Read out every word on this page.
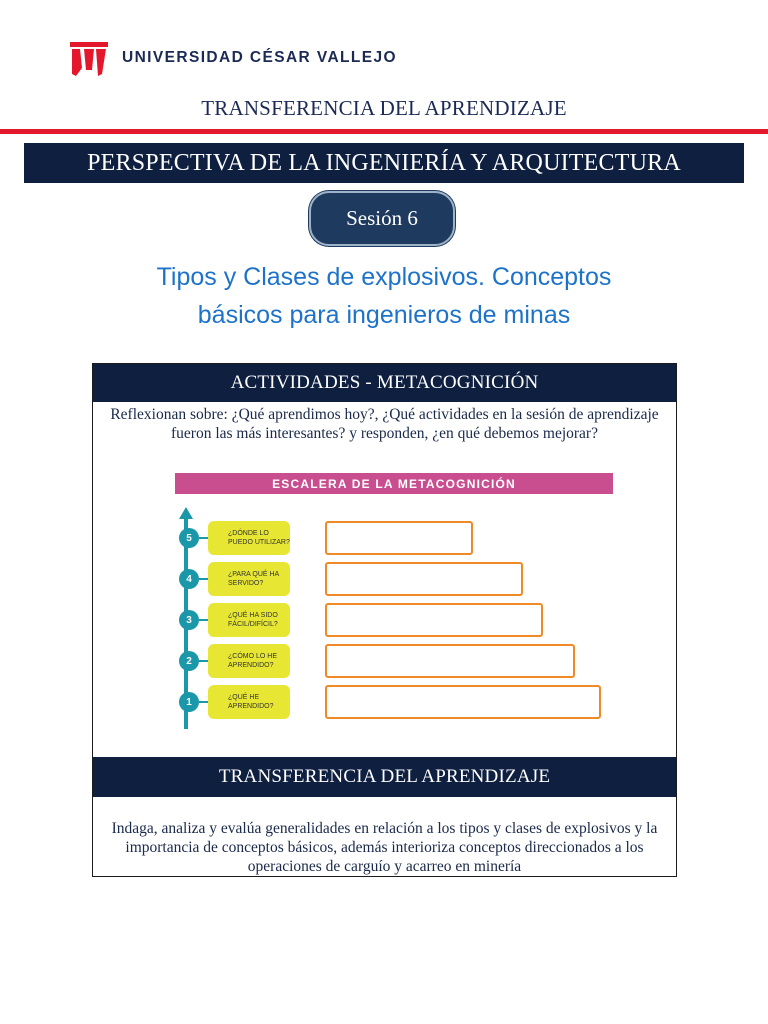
UNIVERSIDAD CÉSAR VALLEJO
TRANSFERENCIA DEL APRENDIZAJE
PERSPECTIVA DE LA INGENIERÍA Y ARQUITECTURA
Sesión 6
Tipos y Clases de explosivos. Conceptos
básicos para ingenieros de minas
ACTIVIDADES - METACOGNICIÓN
Reflexionan sobre: ¿Qué aprendimos hoy?, ¿Qué actividades en la sesión de aprendizaje fueron las más interesantes? y responden, ¿en qué debemos mejorar?
ESCALERA DE LA METACOGNICIÓN
5	¿DÓNDE LO PUEDO UTILIZAR?
4	¿PARA QUÉ HA SERVIDO?
3	¿QUÉ HA SIDO FÁCIL/DIFÍCIL?
2	¿CÓMO LO HE APRENDIDO?
1	¿QUÉ HE APRENDIDO?
TRANSFERENCIA DEL APRENDIZAJE
Indaga, analiza y evalúa generalidades en relación a los tipos y clases de explosivos y la importancia de conceptos básicos, además interioriza conceptos direccionados a los operaciones de carguío y acarreo en minería
